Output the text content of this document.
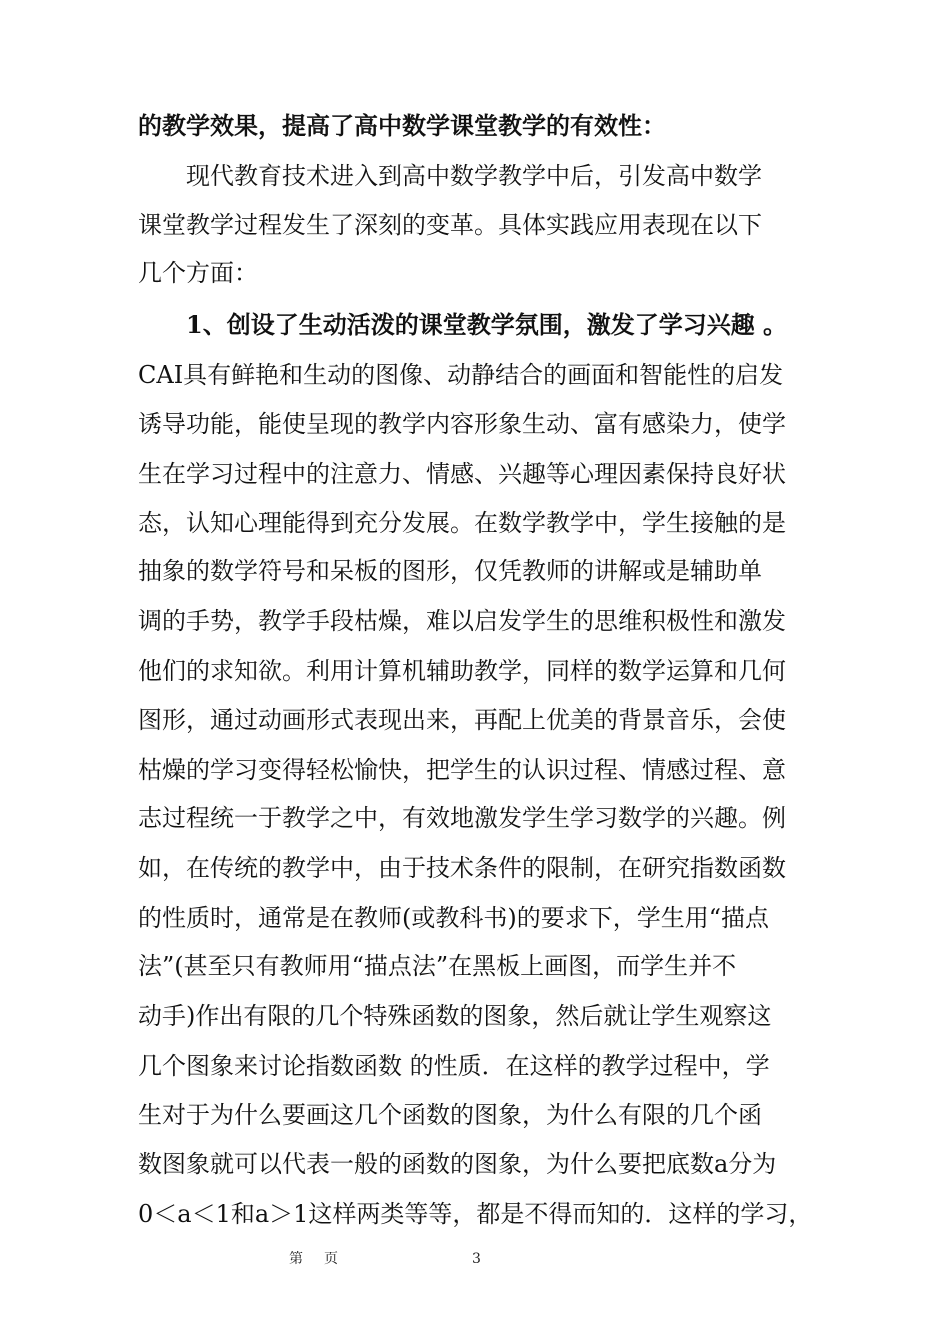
的教学效果，提高了高中数学课堂教学的有效性：
现代教育技术进入到高中数学教学中后，引发高中数学
课堂教学过程发生了深刻的变革。具体实践应用表现在以下
几个方面：
1、创设了生动活泼的课堂教学氛围，激发了学习兴趣 。
CAI具有鲜艳和生动的图像、动静结合的画面和智能性的启发
诱导功能，能使呈现的教学内容形象生动、富有感染力，使学
生在学习过程中的注意力、情感、兴趣等心理因素保持良好状
态，认知心理能得到充分发展。在数学教学中，学生接触的是
抽象的数学符号和呆板的图形，仅凭教师的讲解或是辅助单
调的手势，教学手段枯燥，难以启发学生的思维积极性和激发
他们的求知欲。利用计算机辅助教学，同样的数学运算和几何
图形，通过动画形式表现出来，再配上优美的背景音乐，会使
枯燥的学习变得轻松愉快，把学生的认识过程、情感过程、意
志过程统一于教学之中，有效地激发学生学习数学的兴趣。例
如，在传统的教学中，由于技术条件的限制，在研究指数函数
的性质时，通常是在教师(或教科书)的要求下，学生用“描点
法”(甚至只有教师用“描点法”在黑板上画图，而学生并不
动手)作出有限的几个特殊函数的图象，然后就让学生观察这
几个图象来讨论指数函数 的性质．在这样的教学过程中，学
生对于为什么要画这几个函数的图象，为什么有限的几个函
数图象就可以代表一般的函数的图象，为什么要把底数a分为
0＜a＜1和a＞1这样两类等等，都是不得而知的．这样的学习，
第 页	3
